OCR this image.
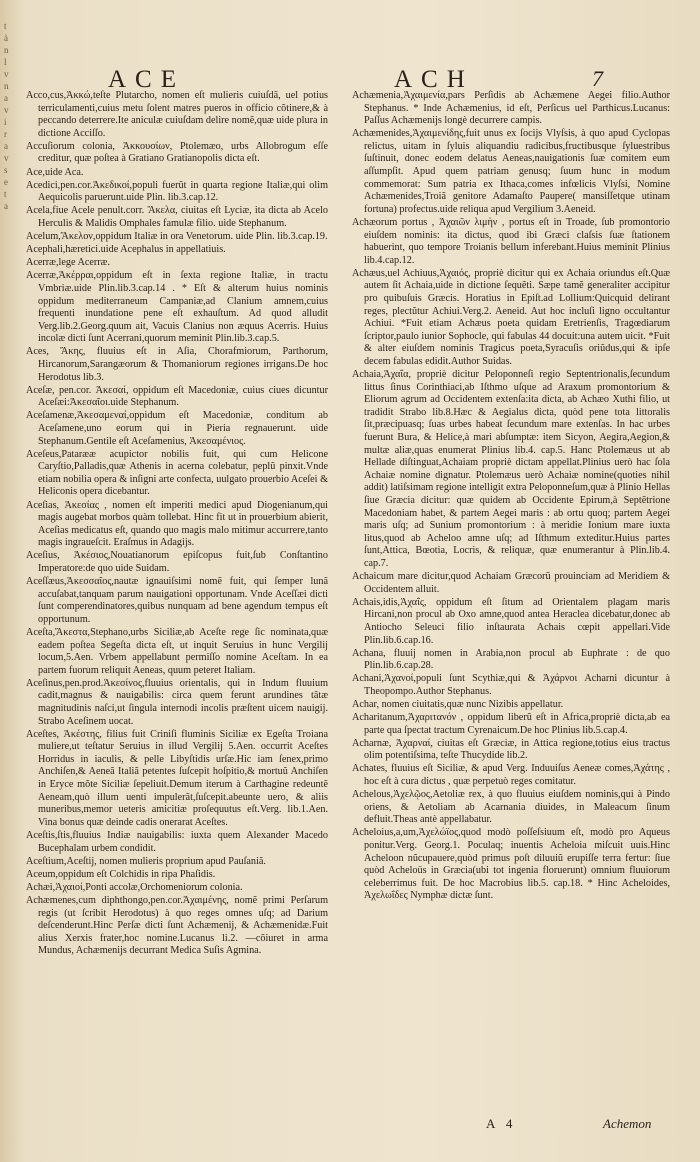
t
à
n
l
v
n
a
v
i
r
a
v
s
e
t
a
ACE	ACH	7

Acco,cus,Ἀκκώ,teſte Plutarcho, nomen eſt mulieris cuiuſdã, uel potius terriculamenti,cuius metu ſolent matres pueros in officio cõtinere,& à peccando deterrere.Ite aniculæ cuiuſdam delire nomẽ,quæ uide plura in dictione Acciſſo.

Accuſiorum colonia, Ἀκκουσίων, Ptolemæo, urbs Allobrogum eſſe creditur, quæ poſtea à Gratiano Gratianopolis dicta eſt.

Ace,uide Aca.

Acedici,pen.cor.Ἀκεδικοί,populi fuerũt in quarta regione Italiæ,qui olim Aequicolis paruerunt.uide Plin. lib.3.cap.12.

Acela,fiue Acele penult.corr. Ἄκελα, ciuitas eſt Lyciæ, ita dicta ab Acelo Herculis & Malidis Omphales famulæ filio. uide Stephanum.

Acelum,Ἄκελον,oppidum Italiæ in ora Venetorum. uide Plin. lib.3.cap.19.

Acephali,hæretici.uide Acephalus in appellatiuis.

Acerræ,lege Acerræ.

Acerræ,Ἀκέρραι,oppidum eſt in ſexta regione Italiæ, in tractu Vmbriæ.uide Plin.lib.3.cap.14 . * Eſt & alterum huius nominis oppidum mediterraneum Campaniæ,ad Clanium amnem,cuius frequenti inundatione pene eſt exhauſtum. Ad quod alludit Verg.lib.2.Georg.quum ait, Vacuis Clanius non æquus Acerris. Huius incolæ dicti ſunt Acerrani,quorum meminit Plin.lib.3.cap.5.

Aces, Ἄκης, fluuius eſt in Aſia, Chorafmiorum, Parthorum, Hircanorum,Sarangæorum & Thomaniorum regiones irrigans.De hoc Herodotus lib.3.

Aceſæ, pen.cor. Ἀκεσαί, oppidum eſt Macedoniæ, cuius ciues dicuntur Aceſæi:Ἀκεσαῖοι.uide Stephanum.

Aceſamenæ,Ἀκεσαμεναί,oppidum eſt Macedoniæ, conditum ab Aceſamene,uno eorum qui in Pieria regnauerunt. uide Stephanum.Gentile eſt Aceſamenius, Ἀκεσαμένιος.

Aceſeus,Patarææ acupictor nobilis fuit, qui cum Helicone Caryſtio,Palladis,quæ Athenis in acerna colebatur, peplũ pinxit.Vnde etiam nobilia opera & inſigni arte confecta, uulgato prouerbio Aceſei & Heliconis opera dicebantur.

Aceſias, Ἀκεσίας , nomen eſt imperiti medici apud Diogenianum,qui magis augebat morbos quàm tollebat. Hinc fit ut in prouerbium abierit, Aceſias medicatus eſt, quando quo magis malo mitimur accurrere,tanto magis ingraueſcit. Eraſmus in Adagijs.

Aceſius, Ἀκέσιος,Nouatianorum epiſcopus fuit,ſub Conſtantino Imperatore:de quo uide Suidam.

Aceſſæus,Ἀκεσσαῖος,nautæ ignauiſsimi nomẽ fuit, qui ſemper lunã accuſabat,tanquam parum nauigationi opportunam. Vnde Aceſſæi dicti ſunt comperendinatores,quibus nunquam ad bene agendum tempus eſt opportunum.

Aceſta,Ἄκεστα,Stephano,urbs Siciliæ,ab Aceſte rege ſic nominata,quæ eadem poſtea Segeſta dicta eſt, ut inquit Seruius in hunc Vergilij locum,5.Aen. Vrbem appellabunt permiſſo nomine Aceſtam. In ea partem fuorum reliquit Aeneas, quum peteret Italiam.

Aceſinus,pen.prod.Ἀκεσίνος,fluuius orientalis, qui in Indum fluuium cadit,magnus & nauigabilis: circa quem ferunt arundines tãtæ magnitudinis naſci,ut ſingula internodi incolis præſtent uicem nauigij. Strabo Aceſinem uocat.

Aceſtes, Ἀκέστης, filius fuit Criniſi fluminis Siciliæ ex Egeſta Troiana muliere,ut teſtatur Seruius in illud Vergilij 5.Aen. occurrit Aceſtes Horridus in iaculis, & pelle Libyſtidis urſæ.Hic iam ſenex,primo Anchiſen,& Aeneã Italiã petentes ſuſcepit hoſpitio,& mortuũ Anchiſen in Eryce mõte Siciliæ ſepeliuit.Demum iterum à Carthagine redeuntẽ Aeneam,quò illum uenti impulerãt,ſuſcepit.abeunte uero, & aliis muneribus,memor ueteris amicitiæ proſequutus eſt.Verg. lib.1.Aen. Vina bonus quæ deinde cadis onerarat Aceſtes.

Aceſtis,ſtis,fluuius Indiæ nauigabilis: iuxta quem Alexander Macedo Bucephalam urbem condidit.

Aceſtium,Aceſtij, nomen mulieris proprium apud Pauſaniã.

Aceum,oppidum eſt Colchidis in ripa Phaſidis.

Achæi,Ἀχαιοί,Ponti accolæ,Orchomeniorum colonia.

Achæmenes,cum diphthongo,pen.cor.Ἀχαιμένης, nomẽ primi Perſarum regis (ut ſcribit Herodotus) à quo reges omnes uſq; ad Darium deſcenderunt.Hinc Perſæ dicti ſunt Achæmenij, & Achæmenidæ.Fuit alius Xerxis frater,hoc nomine.Lucanus li.2. —cõiuret in arma Mundus, Achæmenijs decurrant Medica Suſis Agmina.

Achæmenia,Ἀχαιμενία,pars Perſidis ab Achæmene Aegei filio.Author Stephanus. * Inde Achæmenius, id eſt, Perſicus uel Parthicus.Lucanus: Paſſus Achæmenijs longè decurrere campis.

Achæmenides,Ἀχαιμενίδης,fuit unus ex ſocijs Vlyſsis, à quo apud Cyclopas relictus, uitam in ſyluis aliquandiu radicibus,fructibusque ſyluestribus ſuſtinuit, donec eodem delatus Aeneas,nauigationis ſuæ comitem eum aſſumpſit. Apud quem patriam genusq; ſuum hunc in modum commemorat: Sum patria ex Ithaca,comes infœlicis Vlyſsi, Nomine Achæmenides,Troiã genitore Adamaſto Paupere( mansiſſetque utinam fortuna) profectus.uide reliqua apud Vergilium 3.Aeneid.

Achæorum portus , Ἀχαιῶν λιμὴν , portus eſt in Troade, ſub promontorio eiuſdem nominis: ita dictus, quod ibi Græci claſsis ſuæ ſtationem habuerint, quo tempore Troianis bellum inferebant.Huius meminit Plinius lib.4.cap.12.

Achæus,uel Achiuus,Ἀχαιός, propriè dicitur qui ex Achaia oriundus eſt.Quæ autem ſit Achaia,uide in dictione ſequẽti. Sæpe tamẽ generaliter accipitur pro quibuſuis Græcis. Horatius in Epiſt.ad Lollium:Quicquid delirant reges, plectũtur Achiui.Verg.2. Aeneid. Aut hoc incluſi ligno occultantur Achiui. *Fuit etiam Achæus poeta quidam Eretrienſis, Tragœdiarum ſcriptor,paulo iunior Sophocle, qui fabulas 44 docuit:una autem uicit. *Fuit & alter eiuſdem nominis Tragicus poeta,Syracuſis oriũdus,qui & ipſe decem fabulas edidit.Author Suidas.

Achaia,Ἀχαΐα, propriè dicitur Peloponneſi regio Septentrionalis,ſecundum littus ſinus Corinthiaci,ab Iſthmo uſque ad Araxum promontorium & Eliorum agrum ad Occidentem extenſa:ita dicta, ab Achæo Xuthi filio, ut tradidit Strabo lib.8.Hæc & Aegialus dicta, quòd pene tota littoralis ſit,præcipuasq; ſuas urbes habeat ſecundum mare extenſas. In hac urbes fuerunt Bura, & Helice,à mari abſumptæ: item Sicyon, Aegira,Aegion,& multæ aliæ,quas enumerat Plinius lib.4. cap.5. Hanc Ptolemæus ut ab Hellade diſtinguat,Achaiam propriè dictam appellat.Plinius uerò hac ſola Achaiæ nomine dignatur. Ptolemæus uerò Achaiæ nomine(quoties nihil addit) latiſsimam regione intelligit extra Peloponneſum,quæ à Plinio Hellas ſiue Græcia dicitur: quæ quidem ab Occidente Epirum,à Septẽtrione Macedoniam habet, & partem Aegei maris : ab ortu quoq; partem Aegei maris uſq; ad Sunium promontorium : à meridie Ionium mare iuxta litus,quod ab Acheloo amne uſq; ad Iſthmum exteditur.Huius partes ſunt,Attica, Bœotia, Locris, & reliquæ, quæ enumerantur à Plin.lib.4. cap.7.

Achaicum mare dicitur,quod Achaiam Græcorũ prouinciam ad Meridiem & Occidentem alluit.

Achais,idis,Ἀχαΐς, oppidum eſt ſitum ad Orientalem plagam maris Hircani,non procul ab Oxo amne,quod antea Heraclea dicebatur,donec ab Antiocho Seleuci filio inſtaurata Achais cœpit appellari.Vide Plin.lib.6.cap.16.

Achana, fluuij nomen in Arabia,non procul ab Euphrate : de quo Plin.lib.6.cap.28.

Achani,Ἀχανοί,populi ſunt Scythiæ,qui & Ἀχάρνοι Acharni dicuntur à Theopompo.Author Stephanus.

Achar, nomen ciuitatis,quæ nunc Nizibis appellatur.

Acharitanum,Ἀχαριτανόν , oppidum liberũ eſt in Africa,propriè dicta,ab ea parte qua ſpectat tractum Cyrenaicum.De hoc Plinius lib.5.cap.4.

Acharnæ, Ἀχαρναί, ciuitas eſt Græciæ, in Attica regione,totius eius tractus olim potentiſsima, teſte Thucydide lib.2.

Achates, fluuius eſt Siciliæ, & apud Verg. Induuiſus Aeneæ comes,Ἀχάτης , hoc eſt à cura dictus , quæ perpetuò reges comitatur.

Achelous,Ἀχελῷος,Aetoliæ rex, à quo fluuius eiuſdem nominis,qui à Pindo oriens, & Aetoliam ab Acarnania diuides, in Maleacum ſinum defluit.Theas antè appellabatur.

Acheloius,a,um,Ἀχελώϊος,quod modò poſſeſsiuum eſt, modò pro Aqueus ponitur.Verg. Georg.1. Poculaq; inuentis Acheloia miſcuit uuis.Hinc Acheloon nũcupauere,quòd primus poſt diluuiũ erupiſſe terra fertur: ſiue quòd Acheloüs in Græcia(ubi tot ingenia floruerunt) omnium fluuiorum celeberrimus fuit. De hoc Macrobius lib.5. cap.18. * Hinc Acheloides, Ἀχελωΐδες Nymphæ dictæ ſunt.

A 4	Achemon
